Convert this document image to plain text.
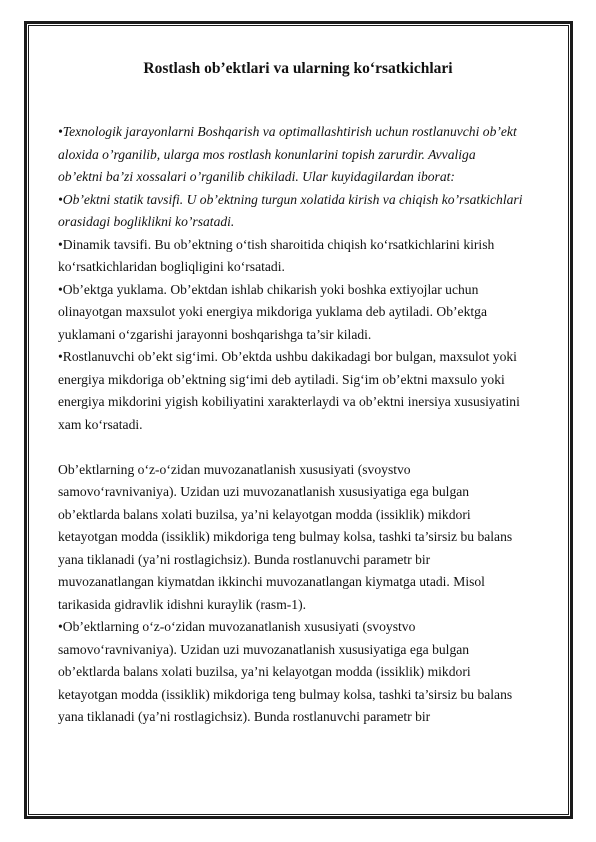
Rostlash ob’ektlari va ularning ko‘rsatkichlari
•Texnologik jarayonlarni Boshqarish va optimallashtirish uchun rostlanuvchi ob’ekt
aloxida o’rganilib, ularga mos rostlash konunlarini topish zarurdir. Avvaliga
ob’ektni ba’zi xossalari o’rganilib chikiladi. Ular kuyidagilardan iborat:
•Ob’ektni statik tavsifi. U ob’ektning turgun xolatida kirish va chiqish ko’rsatkichlari
orasidagi bogliklikni ko’rsatadi.
•Dinamik tavsifi. Bu ob’ektning o‘tish sharoitida chiqish ko‘rsatkichlarini kirish
ko‘rsatkichlaridan bogliqligini ko‘rsatadi.
•Ob’ektga yuklama. Ob’ektdan ishlab chikarish yoki boshka extiyojlar uchun
olinayotgan maxsulot yoki energiya mikdoriga yuklama deb aytiladi. Ob’ektga
yuklamani o‘zgarishi jarayonni boshqarishga ta’sir kiladi.
•Rostlanuvchi ob’ekt sig‘imi. Ob’ektda ushbu dakikadagi bor bulgan, maxsulot yoki
energiya mikdoriga ob’ektning sig‘imi deb aytiladi. Sig‘im ob’ektni maxsulo yoki
energiya mikdorini yigish kobiliyatini xarakterlaydi va ob’ektni inersiya xususiyatini
xam ko‘rsatadi.
Ob’ektlarning o‘z-o‘zidan muvozanatlanish xususiyati (svoystvo
samovo‘ravnivaniya). Uzidan uzi muvozanatlanish xususiyatiga ega bulgan
ob’ektlarda balans xolati buzilsa, ya’ni kelayotgan modda (issiklik) mikdori
ketayotgan modda (issiklik) mikdoriga teng bulmay kolsa, tashki ta’sirsiz bu balans
yana tiklanadi (ya’ni rostlagichsiz). Bunda rostlanuvchi parametr bir
muvozanatlangan kiymatdan ikkinchi muvozanatlangan kiymatga utadi. Misol
tarikasida gidravlik idishni kuraylik (rasm-1).
•Ob’ektlarning o‘z-o‘zidan muvozanatlanish xususiyati (svoystvo
samovo‘ravnivaniya). Uzidan uzi muvozanatlanish xususiyatiga ega bulgan
ob’ektlarda balans xolati buzilsa, ya’ni kelayotgan modda (issiklik) mikdori
ketayotgan modda (issiklik) mikdoriga teng bulmay kolsa, tashki ta’sirsiz bu balans
yana tiklanadi (ya’ni rostlagichsiz). Bunda rostlanuvchi parametr bir
